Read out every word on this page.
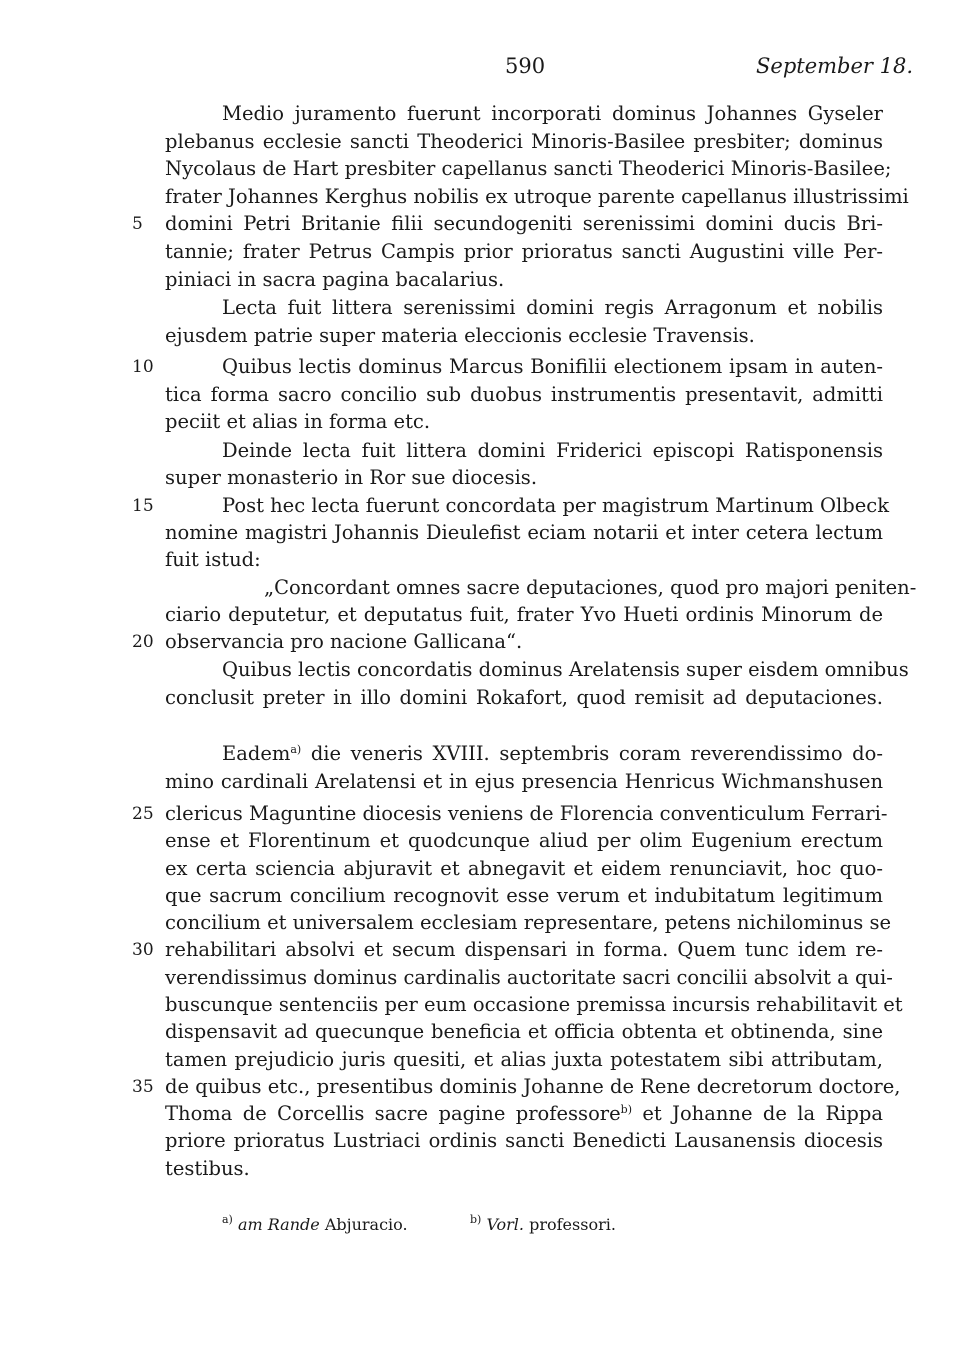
590	September 18.
5
10
15
20
25
30
35
Medio juramento fuerunt incorporati dominus Johannes Gyseler
plebanus ecclesie sancti Theoderici Minoris-Basilee presbiter; dominus
Nycolaus de Hart presbiter capellanus sancti Theoderici Minoris-Basilee;
frater Johannes Kerghus nobilis ex utroque parente capellanus illustrissimi
domini Petri Britanie filii secundogeniti serenissimi domini ducis Bri-
tannie; frater Petrus Campis prior prioratus sancti Augustini ville Per-
piniaci in sacra pagina bacalarius.
Lecta fuit littera serenissimi domini regis Arragonum et nobilis
ejusdem patrie super materia eleccionis ecclesie Travensis.
Quibus lectis dominus Marcus Bonifilii electionem ipsam in auten-
tica forma sacro concilio sub duobus instrumentis presentavit, admitti
peciit et alias in forma etc.
Deinde lecta fuit littera domini Friderici episcopi Ratisponensis
super monasterio in Ror sue diocesis.
Post hec lecta fuerunt concordata per magistrum Martinum Olbeck
nomine magistri Johannis Dieulefist eciam notarii et inter cetera lectum
fuit istud:
„Concordant omnes sacre deputaciones, quod pro majori peniten-
ciario deputetur, et deputatus fuit, frater Yvo Hueti ordinis Minorum de
observancia pro nacione Gallicana“.
Quibus lectis concordatis dominus Arelatensis super eisdem omnibus
conclusit preter in illo domini Rokafort, quod remisit ad deputaciones.
Eadem$^{a)}$ die veneris XVIII. septembris coram reverendissimo do-
mino cardinali Arelatensi et in ejus presencia Henricus Wichmanshusen
clericus Maguntine diocesis veniens de Florencia conventiculum Ferrari-
ense et Florentinum et quodcunque aliud per olim Eugenium erectum
ex certa sciencia abjuravit et abnegavit et eidem renunciavit, hoc quo-
que sacrum concilium recognovit esse verum et indubitatum legitimum
concilium et universalem ecclesiam representare, petens nichilominus se
rehabilitari absolvi et secum dispensari in forma. Quem tunc idem re-
verendissimus dominus cardinalis auctoritate sacri concilii absolvit a qui-
buscunque sentenciis per eum occasione premissa incursis rehabilitavit et
dispensavit ad quecunque beneficia et officia obtenta et obtinenda, sine
tamen prejudicio juris quesiti, et alias juxta potestatem sibi attributam,
de quibus etc., presentibus dominis Johanne de Rene decretorum doctore,
Thoma de Corcellis sacre pagine professore$^{b)}$ et Johanne de la Rippa
priore prioratus Lustriaci ordinis sancti Benedicti Lausanensis diocesis
testibus.
$^{a)}$ am Rande Abjuracio.	$^{b)}$ Vorl. professori.
